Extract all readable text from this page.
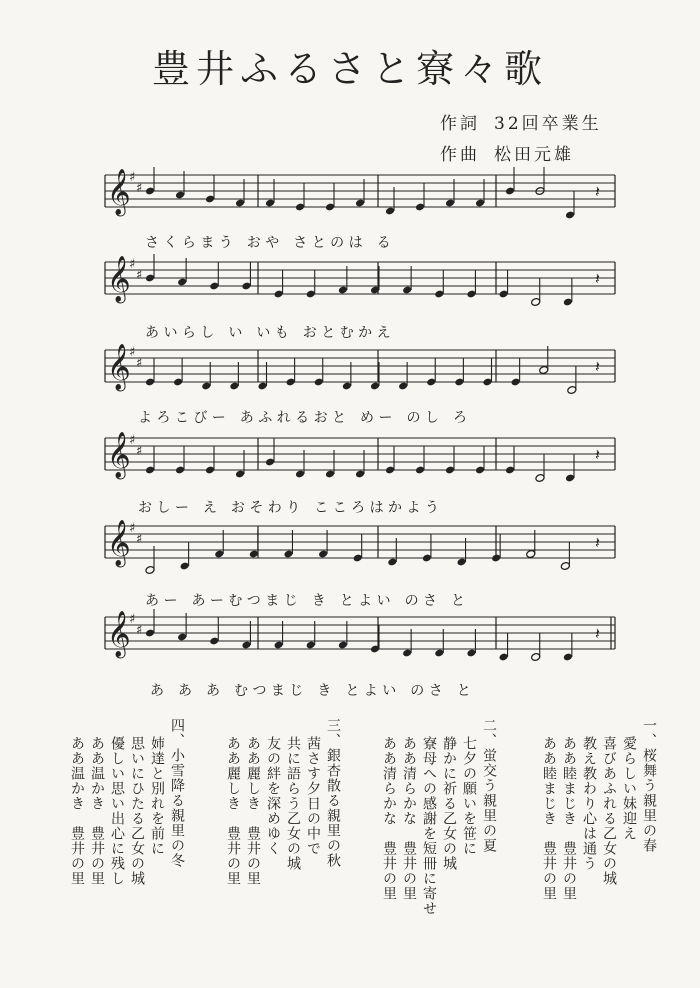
豊井ふるさと寮々歌
作詞 32回卒業生
作曲 松田元雄
𝄞
♯
♯	𝄽
𝄞
♯
♯	𝄽
𝄞
♯
♯	𝄽
𝄞
♯
♯	𝄽
𝄞
♯
♯	𝄽
𝄞
♯
♯	𝄽
さ く ら ま う　お や　さ と の は　る
あ い ら し　い　い も　お と む か え
よ ろ こ び ー　あ ふ れ る お と　め ー　の し　ろ
お し ー　え　お そ わ り　こ こ ろ は か よ う
あ ー　あ ー む つ ま じ　き　と よ い　の さ　と
あ　あ　あ　む つ ま じ　き　と よ い　の さ　と
一、桜舞う親里の春
愛らしい妹迎え
喜びあふれる乙女の城
教え教わり心は通う
ああ睦まじき　豊井の里
ああ睦まじき　豊井の里
二、蛍交う親里の夏
七夕の願いを笹に
静かに祈る乙女の城
寮母への感謝を短冊に寄せ
ああ清らかな　豊井の里
ああ清らかな　豊井の里
三、銀杏散る親里の秋
茜さす夕日の中で
共に語らう乙女の城
友の絆を深めゆく
ああ麗しき　豊井の里
ああ麗しき　豊井の里
四、小雪降る親里の冬
姉達と別れを前に
思いにひたる乙女の城
優しい思い出心に残し
ああ温かき　豊井の里
ああ温かき　豊井の里
